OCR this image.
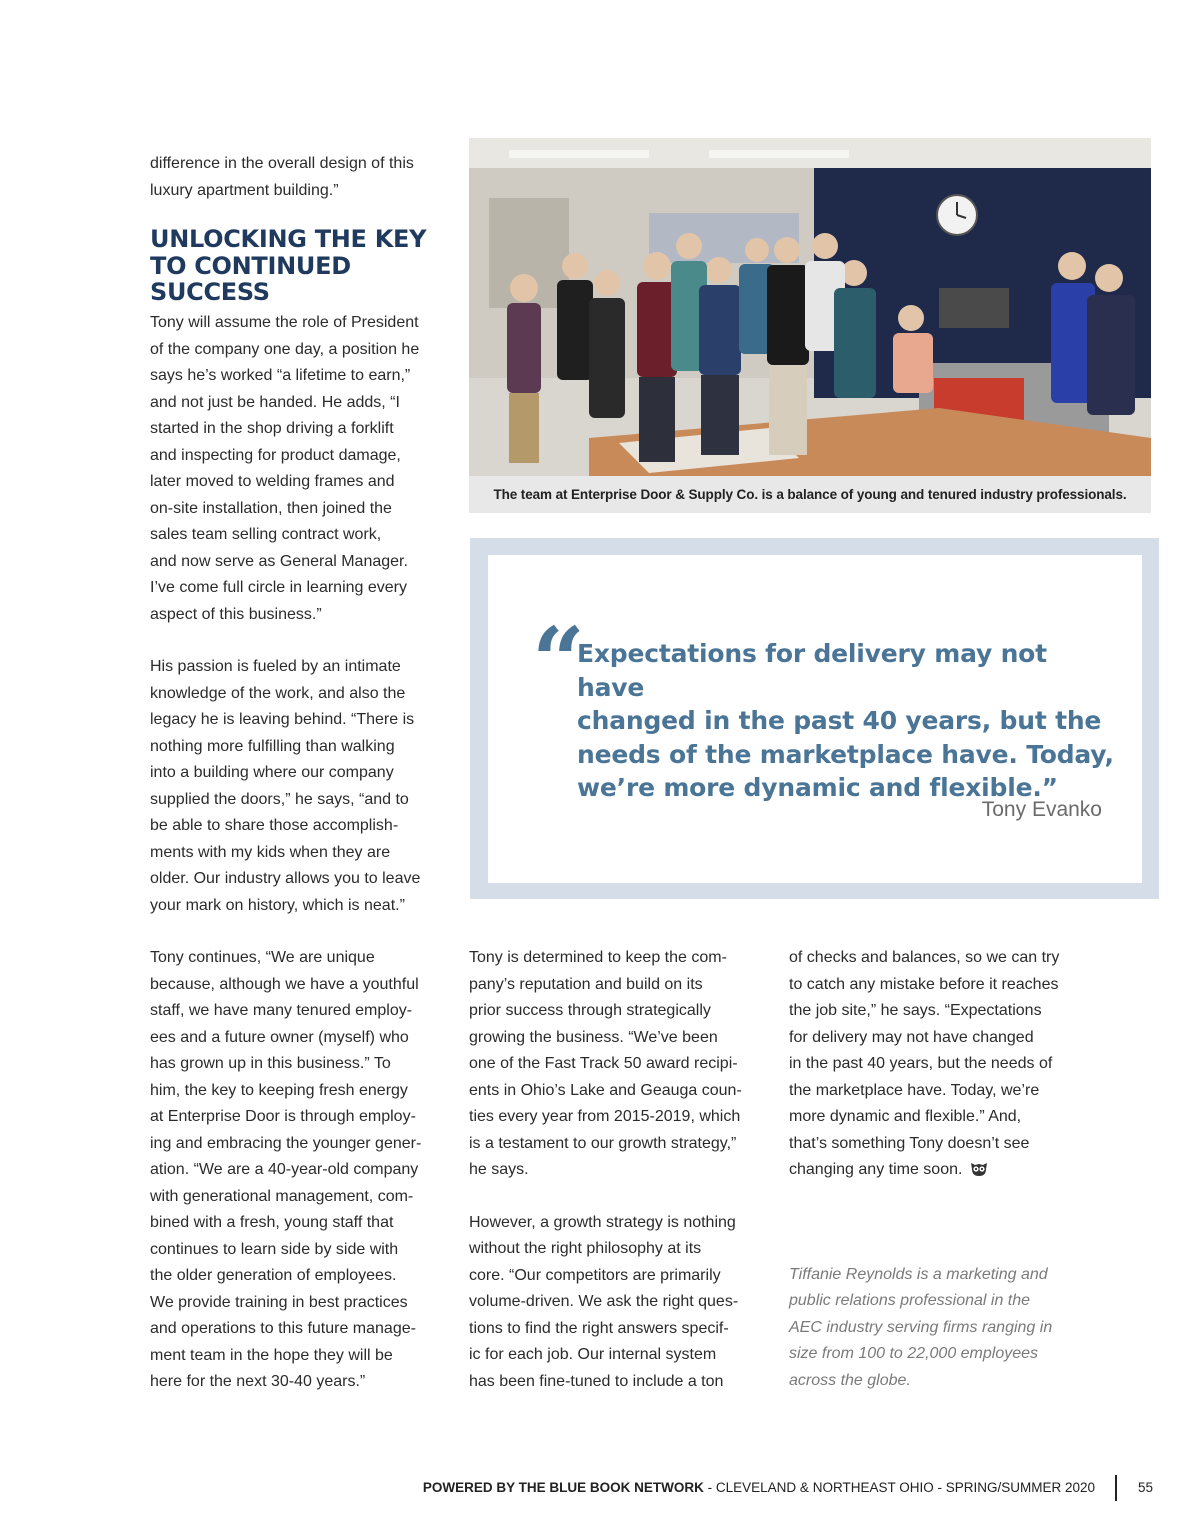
difference in the overall design of this

luxury apartment building.”

UNLOCKING THE KEY
TO CONTINUED
SUCCESS

Tony will assume the role of President

of the company one day, a position he

says he’s worked “a lifetime to earn,”

and not just be handed. He adds, “I

started in the shop driving a forklift

and inspecting for product damage,

later moved to welding frames and

on-site installation, then joined the

sales team selling contract work,

and now serve as General Manager.

I’ve come full circle in learning every

aspect of this business.”

His passion is fueled by an intimate

knowledge of the work, and also the

legacy he is leaving behind. “There is

nothing more fulfilling than walking

into a building where our company

supplied the doors,” he says, “and to

be able to share those accomplish-

ments with my kids when they are

older. Our industry allows you to leave

your mark on history, which is neat.”

Tony continues, “We are unique

because, although we have a youthful

staff, we have many tenured employ-

ees and a future owner (myself) who

has grown up in this business.” To

him, the key to keeping fresh energy

at Enterprise Door is through employ-

ing and embracing the younger gener-

ation. “We are a 40-year-old company

with generational management, com-

bined with a fresh, young staff that

continues to learn side by side with

the older generation of employees.

We provide training in best practices

and operations to this future manage-

ment team in the hope they will be

here for the next 30-40 years.”

The team at Enterprise Door & Supply Co. is a balance of young and tenured industry professionals.
“
Expectations for delivery may not have
changed in the past 40 years, but the
needs of the marketplace have. Today,
we’re more dynamic and flexible.”
Tony Evanko

Tony is determined to keep the com-

pany’s reputation and build on its

prior success through strategically

growing the business. “We’ve been

one of the Fast Track 50 award recipi-

ents in Ohio’s Lake and Geauga coun-

ties every year from 2015-2019, which

is a testament to our growth strategy,”

he says.

However, a growth strategy is nothing

without the right philosophy at its

core. “Our competitors are primarily

volume-driven. We ask the right ques-

tions to find the right answers specif-

ic for each job. Our internal system

has been fine-tuned to include a ton

of checks and balances, so we can try

to catch any mistake before it reaches

the job site,” he says. “Expectations

for delivery may not have changed

in the past 40 years, but the needs of

the marketplace have. Today, we’re

more dynamic and flexible.” And,

that’s something Tony doesn’t see

changing any time soon.

Tiffanie Reynolds is a marketing and

public relations professional in the

AEC industry serving firms ranging in

size from 100 to 22,000 employees

across the globe.

POWERED BY THE BLUE BOOK NETWORK - CLEVELAND & NORTHEAST OHIO - SPRING/SUMMER 2020	55
